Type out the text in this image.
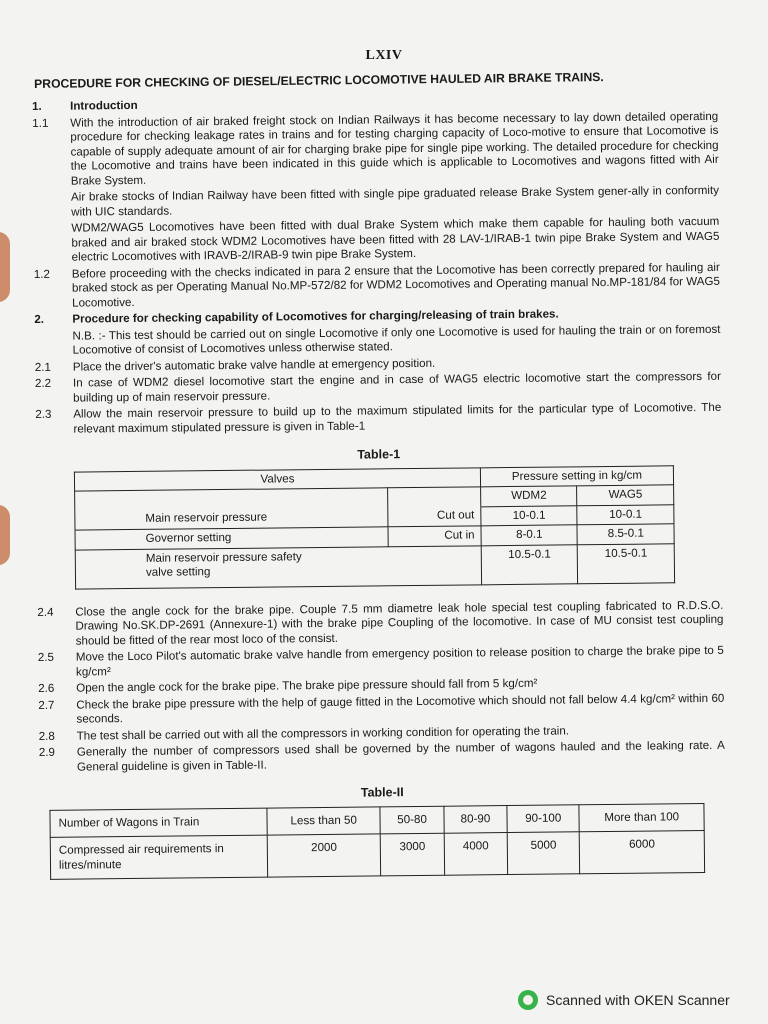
LXIV
PROCEDURE FOR CHECKING OF DIESEL/ELECTRIC LOCOMOTIVE HAULED AIR BRAKE TRAINS.
1.	Introduction
1.1	With the introduction of air braked freight stock on Indian Railways it has become necessary to lay down detailed operating procedure for checking leakage rates in trains and for testing charging capacity of Loco-motive to ensure that Locomotive is capable of supply adequate amount of air for charging brake pipe for single pipe working. The detailed procedure for checking the Locomotive and trains have been indicated in this guide which is applicable to Locomotives and wagons fitted with Air Brake System.
Air brake stocks of Indian Railway have been fitted with single pipe graduated release Brake System gener-ally in conformity with UIC standards.
WDM2/WAG5 Locomotives have been fitted with dual Brake System which make them capable for hauling both vacuum braked and air braked stock WDM2 Locomotives have been fitted with 28 LAV-1/IRAB-1 twin pipe Brake System and WAG5 electric Locomotives with IRAVB-2/IRAB-9 twin pipe Brake System.
1.2	Before proceeding with the checks indicated in para 2 ensure that the Locomotive has been correctly prepared for hauling air braked stock as per Operating Manual No.MP-572/82 for WDM2 Locomotives and Operating manual No.MP-181/84 for WAG5 Locomotive.
2.	Procedure for checking capability of Locomotives for charging/releasing of train brakes.
N.B. :- This test should be carried out on single Locomotive if only one Locomotive is used for hauling the train or on foremost Locomotive of consist of Locomotives unless otherwise stated.
2.1	Place the driver's automatic brake valve handle at emergency position.
2.2	In case of WDM2 diesel locomotive start the engine and in case of WAG5 electric locomotive start the compressors for building up of main reservoir pressure.
2.3	Allow the main reservoir pressure to build up to the maximum stipulated limits for the particular type of Locomotive. The relevant maximum stipulated pressure is given in Table-1
Table-1
Valves		Pressure setting in kg/cm	
		WDM2	WAG5
Main reservoir pressure	Cut out	10-0.1	10-0.1
Governor setting	Cut in	8-0.1	8.5-0.1
Main reservoir pressure safety valve setting		10.5-0.1	10.5-0.1
2.4	Close the angle cock for the brake pipe. Couple 7.5 mm diametre leak hole special test coupling fabricated to R.D.S.O. Drawing No.SK.DP-2691 (Annexure-1) with the brake pipe Coupling of the locomotive. In case of MU consist test coupling should be fitted of the rear most loco of the consist.
2.5	Move the Loco Pilot's automatic brake valve handle from emergency position to release position to charge the brake pipe to 5 kg/cm²
2.6	Open the angle cock for the brake pipe. The brake pipe pressure should fall from 5 kg/cm²
2.7	Check the brake pipe pressure with the help of gauge fitted in the Locomotive which should not fall below 4.4 kg/cm² within 60 seconds.
2.8	The test shall be carried out with all the compressors in working condition for operating the train.
2.9	Generally the number of compressors used shall be governed by the number of wagons hauled and the leaking rate. A General guideline is given in Table-II.
Table-II
Number of Wagons in Train	Less than 50	50-80	80-90	90-100	More than 100
Compressed air requirements in litres/minute	2000	3000	4000	5000	6000
Scanned with OKEN Scanner
